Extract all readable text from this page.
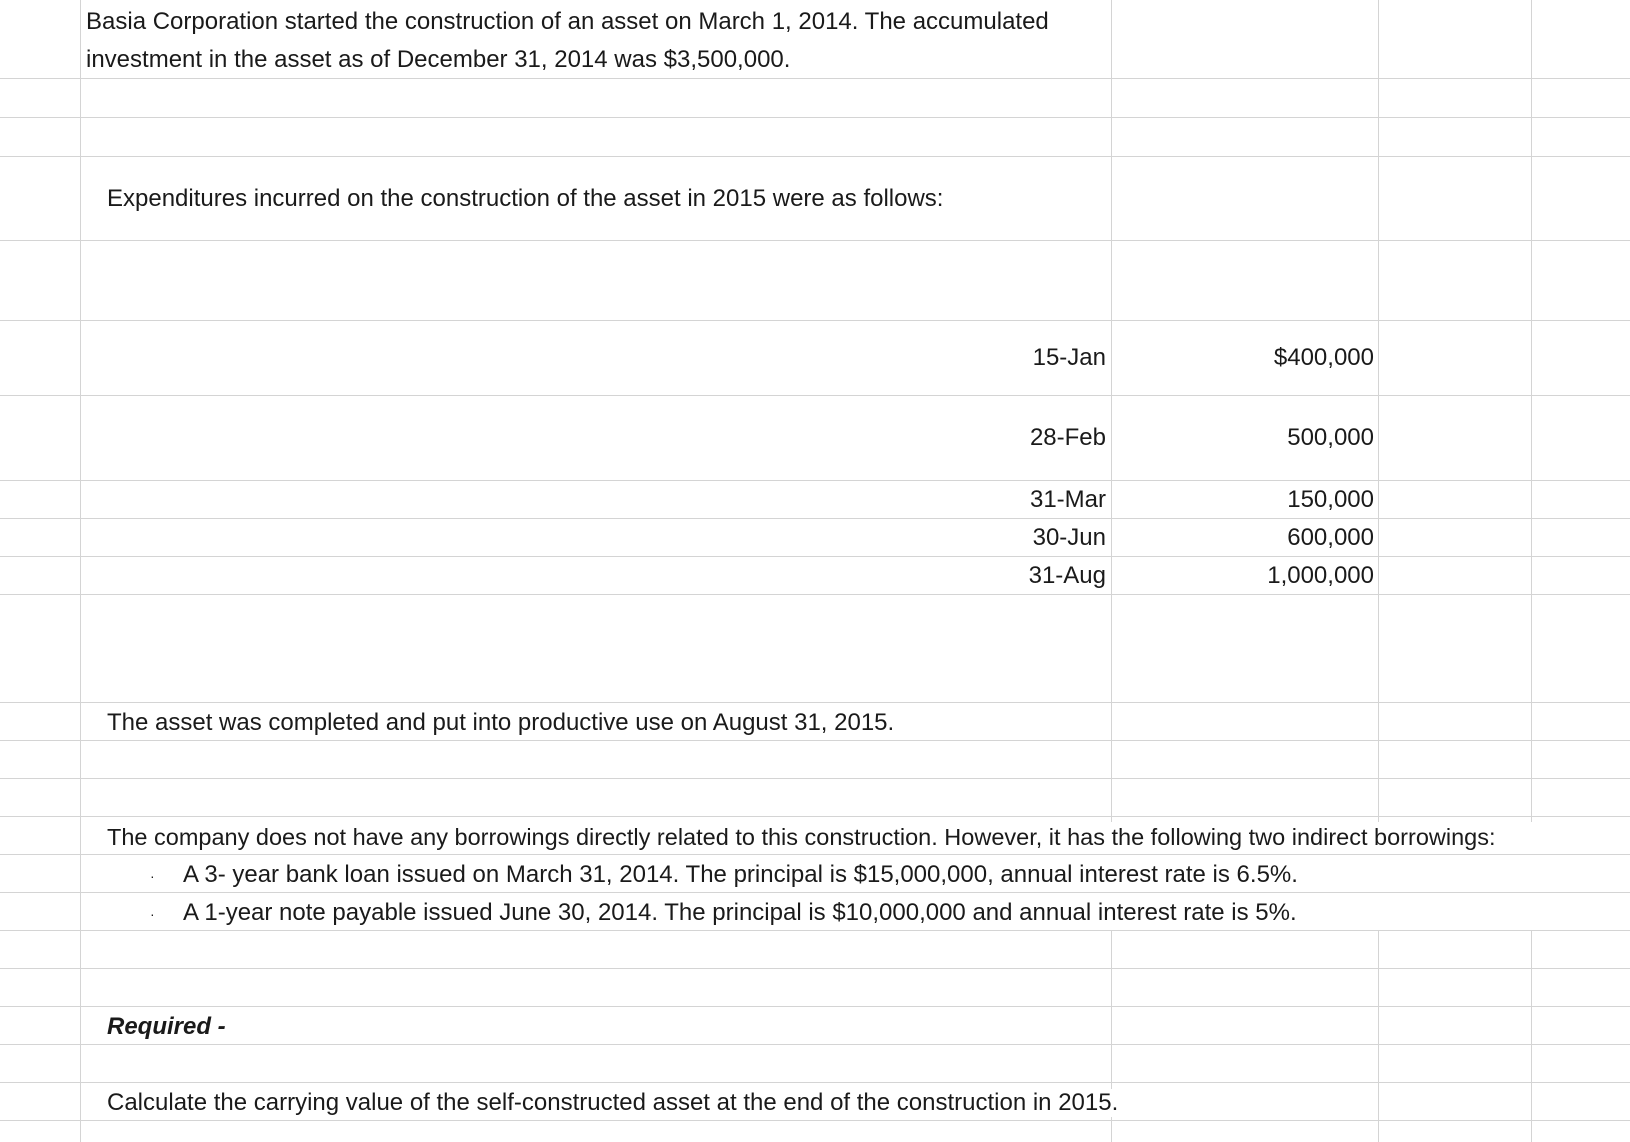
Basia Corporation started the construction of an asset on March 1, 2014. The accumulated
investment in the asset as of December 31, 2014 was $3,500,000.
Expenditures incurred on the construction of the asset in 2015 were as follows:
15-Jan
28-Feb
31-Mar
30-Jun
31-Aug
$400,000
500,000
150,000
600,000
1,000,000
The asset was completed and put into productive use on August 31, 2015.
The company does not have any borrowings directly related to this construction. However, it has the following two indirect borrowings:
· A 3- year bank loan issued on March 31, 2014. The principal is $15,000,000, annual interest rate is 6.5%.
· A 1-year note payable issued June 30, 2014. The principal is $10,000,000 and annual interest rate is 5%.
Required -
Calculate the carrying value of the self-constructed asset at the end of the construction in 2015.
